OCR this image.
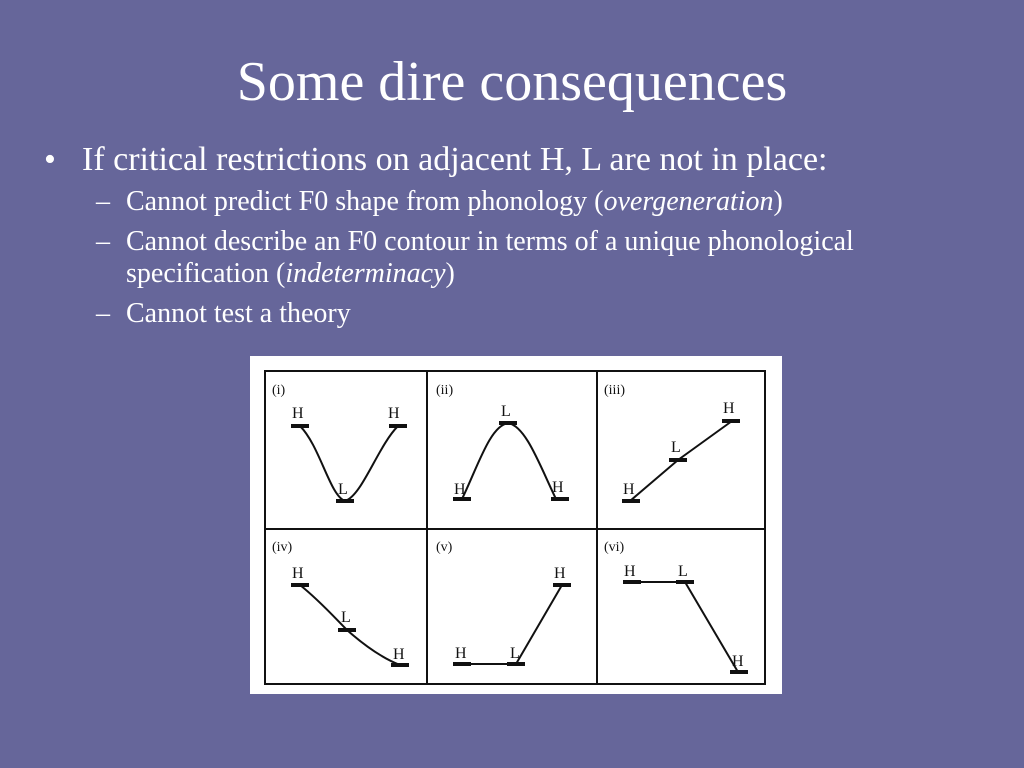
Some dire consequences
• If critical restrictions on adjacent H, L are not in place:
– Cannot predict F0 shape from phonology (overgeneration)
– Cannot describe an F0 contour in terms of a unique phonological specification (indeterminacy)
– Cannot test a theory
(i)
H
L
H
(ii)
H
L
H
(iii)
H
L
H
(iv)
H
L
H
(v)
H	L
H
(vi)
H	L
H
